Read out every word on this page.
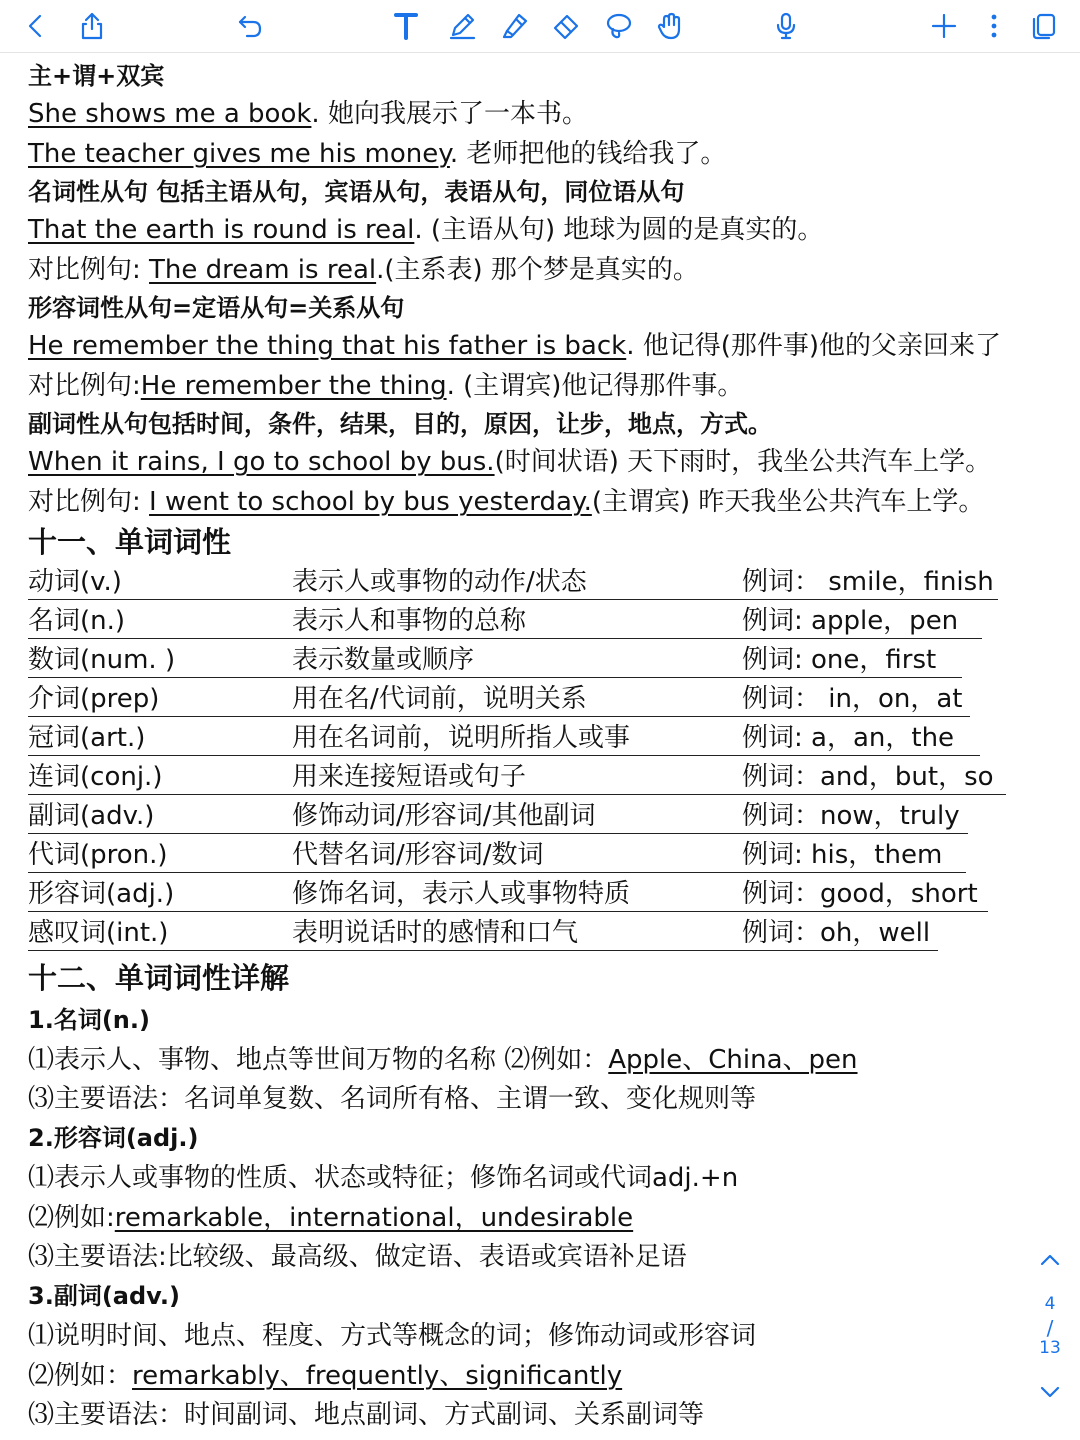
主+谓+双宾
She shows me a book. 她向我展示了一本书。
The teacher gives me his money. 老师把他的钱给我了。
名词性从句 包括主语从句，宾语从句，表语从句，同位语从句
That the earth is round is real. (主语从句) 地球为圆的是真实的。
对比例句: The dream is real.(主系表) 那个梦是真实的。
形容词性从句=定语从句=关系从句
He remember the thing that his father is back. 他记得(那件事)他的父亲回来了
对比例句:He remember the thing. (主谓宾)他记得那件事。
副词性从句包括时间，条件，结果，目的，原因，让步，地点，方式。
When it rains, I go to school by bus.(时间状语) 天下雨时，我坐公共汽车上学。
对比例句: I went to school by bus yesterday.(主谓宾) 昨天我坐公共汽车上学。
十一、单词词性
动词(v.)	表示人或事物的动作/状态	例词： smile，finish
名词(n.)	表示人和事物的总称	例词: apple，pen
数词(num. )	表示数量或顺序	例词: one，first
介词(prep)	用在名/代词前，说明关系	例词： in，on，at
冠词(art.)	用在名词前，说明所指人或事	例词: a，an，the
连词(conj.)	用来连接短语或句子	例词：and，but，so
副词(adv.)	修饰动词/形容词/其他副词	例词：now，truly
代词(pron.)	代替名词/形容词/数词	例词: his，them
形容词(adj.)	修饰名词，表示人或事物特质	例词：good，short
感叹词(int.)	表明说话时的感情和口气	例词：oh，well
十二、单词词性详解
1.名词(n.)
⑴表示人、事物、地点等世间万物的名称 ⑵例如：Apple、China、pen
⑶主要语法：名词单复数、名词所有格、主谓一致、变化规则等
2.形容词(adj.)
⑴表示人或事物的性质、状态或特征；修饰名词或代词adj.+n
⑵例如:remarkable，international，undesirable
⑶主要语法:比较级、最高级、做定语、表语或宾语补足语
3.副词(adv.)
⑴说明时间、地点、程度、方式等概念的词；修饰动词或形容词
⑵例如：remarkably、frequently、significantly
⑶主要语法：时间副词、地点副词、方式副词、关系副词等
4
/
13
